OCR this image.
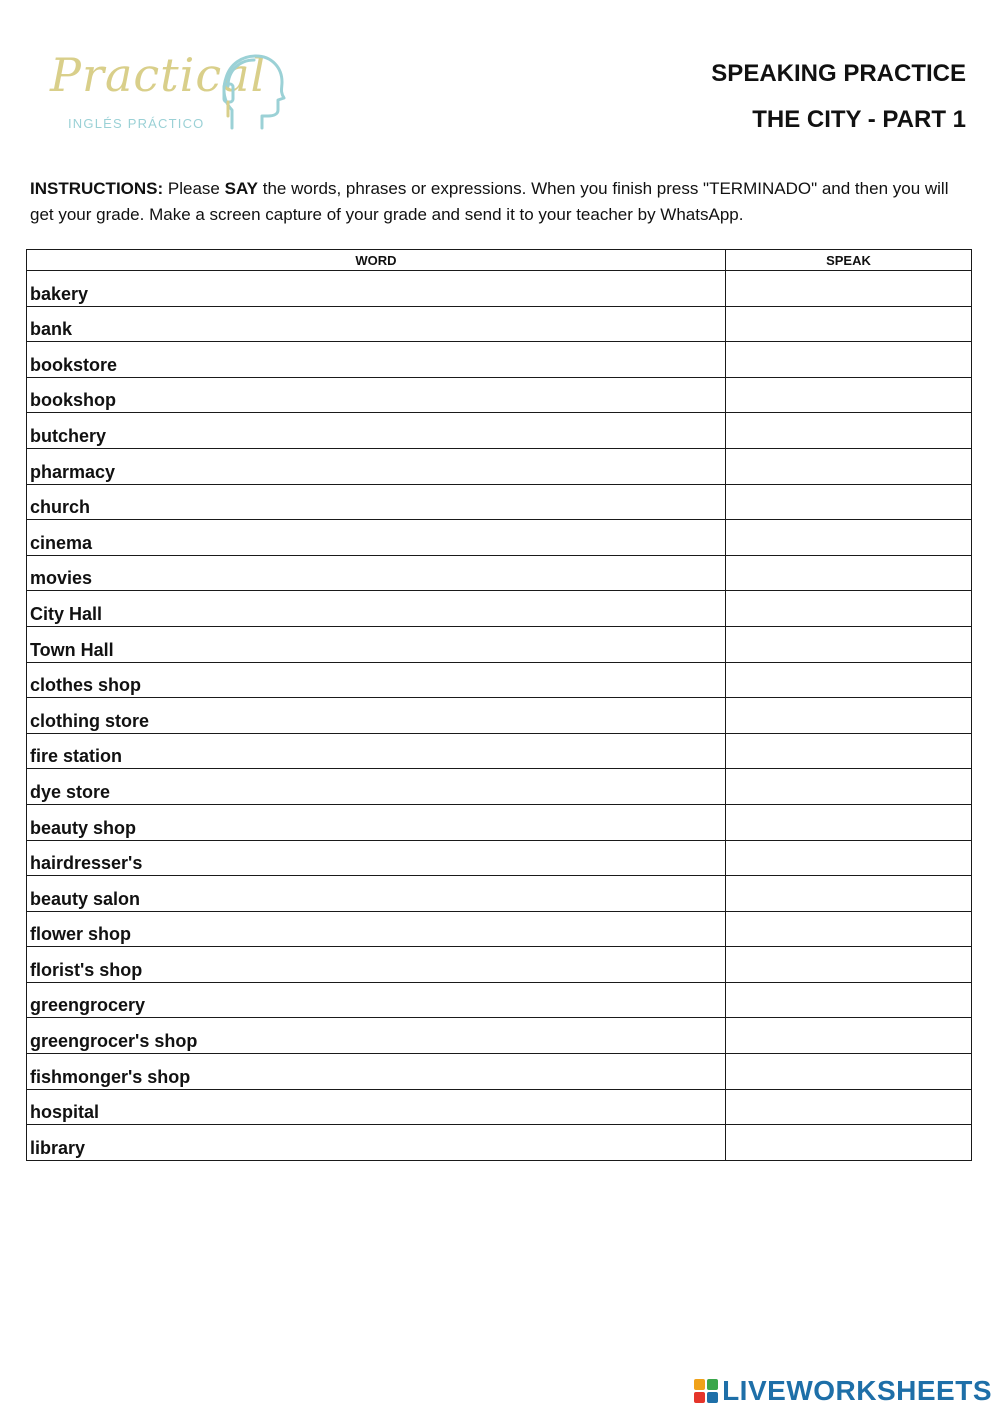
Practical
INGLÉS PRÁCTICO
SPEAKING PRACTICE
THE CITY - PART 1
INSTRUCTIONS: Please SAY the words, phrases or expressions. When you finish press "TERMINADO" and then you will get your grade. Make a screen capture of your grade and send it to your teacher by WhatsApp.
WORD	SPEAK
bakery	
bank	
bookstore	
bookshop	
butchery	
pharmacy	
church	
cinema	
movies	
City Hall	
Town Hall	
clothes shop	
clothing store	
fire station	
dye store	
beauty shop	
hairdresser's	
beauty salon	
flower shop	
florist's shop	
greengrocery	
greengrocer's shop	
fishmonger's shop	
hospital	
library	
LIVEWORKSHEETS
